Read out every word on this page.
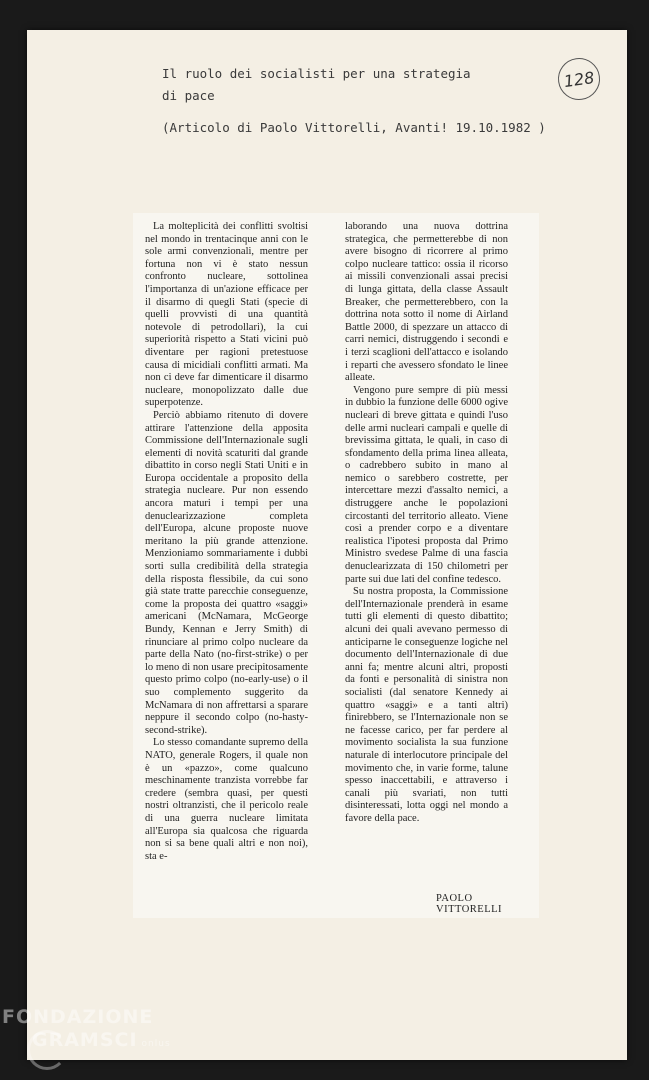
Il ruolo dei socialisti per una strategia
di pace
(Articolo di Paolo Vittorelli, Avanti! 19.10.1982 )
128

La molteplicità dei conflitti svoltisi nel mondo in trentacinque anni con le sole armi convenzionali, mentre per fortuna non vi è stato nessun confronto nucleare, sottolinea l'importanza di un'azione efficace per il disarmo di quegli Stati (specie di quelli provvisti di una quantità notevole di petrodollari), la cui superiorità rispetto a Stati vicini può diventare per ragioni pretestuose causa di micidiali conflitti armati. Ma non ci deve far dimenticare il disarmo nucleare, monopolizzato dalle due superpotenze.

Perciò abbiamo ritenuto di dovere attirare l'attenzione della apposita Commissione dell'Internazionale sugli elementi di novità scaturiti dal grande dibattito in corso negli Stati Uniti e in Europa occidentale a proposito della strategia nucleare. Pur non essendo ancora maturi i tempi per una denuclearizzazione completa dell'Europa, alcune proposte nuove meritano la più grande attenzione. Menzioniamo sommariamente i dubbi sorti sulla credibilità della strategia della risposta flessibile, da cui sono già state tratte parecchie conseguenze, come la proposta dei quattro «saggi» americani (McNamara, McGeorge Bundy, Kennan e Jerry Smith) di rinunciare al primo colpo nucleare da parte della Nato (no-first-strike) o per lo meno di non usare precipitosamente questo primo colpo (no-early-use) o il suo complemento suggerito da McNamara di non affrettarsi a sparare neppure il secondo colpo (no-hasty-second-strike).

Lo stesso comandante supremo della NATO, generale Rogers, il quale non è un «pazzo», come qualcuno meschinamente tranzista vorrebbe far credere (sembra quasi, per questi nostri oltranzisti, che il pericolo reale di una guerra nucleare limitata all'Europa sia qualcosa che riguarda non si sa bene quali altri e non noi), sta e-

laborando una nuova dottrina strategica, che permetterebbe di non avere bisogno di ricorrere al primo colpo nucleare tattico: ossia il ricorso ai missili convenzionali assai precisi di lunga gittata, della classe Assault Breaker, che permetterebbero, con la dottrina nota sotto il nome di Airland Battle 2000, di spezzare un attacco di carri nemici, distruggendo i secondi e i terzi scaglioni dell'attacco e isolando i reparti che avessero sfondato le linee alleate.

Vengono pure sempre di più messi in dubbio la funzione delle 6000 ogive nucleari di breve gittata e quindi l'uso delle armi nucleari campali e quelle di brevissima gittata, le quali, in caso di sfondamento della prima linea alleata, o cadrebbero subito in mano al nemico o sarebbero costrette, per intercettare mezzi d'assalto nemici, a distruggere anche le popolazioni circostanti del territorio alleato. Viene così a prender corpo e a diventare realistica l'ipotesi proposta dal Primo Ministro svedese Palme di una fascia denuclearizzata di 150 chilometri per parte sui due lati del confine tedesco.

Su nostra proposta, la Commissione dell'Internazionale prenderà in esame tutti gli elementi di questo dibattito; alcuni dei quali avevano permesso di anticiparne le conseguenze logiche nel documento dell'Internazionale di due anni fa; mentre alcuni altri, proposti da fonti e personalità di sinistra non socialisti (dal senatore Kennedy ai quattro «saggi» e a tanti altri) finirebbero, se l'Internazionale non se ne facesse carico, per far perdere al movimento socialista la sua funzione naturale di interlocutore principale del movimento che, in varie forme, talune spesso inaccettabili, e attraverso i canali più svariati, non tutti disinteressati, lotta oggi nel mondo a favore della pace.

PAOLO VITTORELLI
FONDAZIONE
GRAMSCI onlus
